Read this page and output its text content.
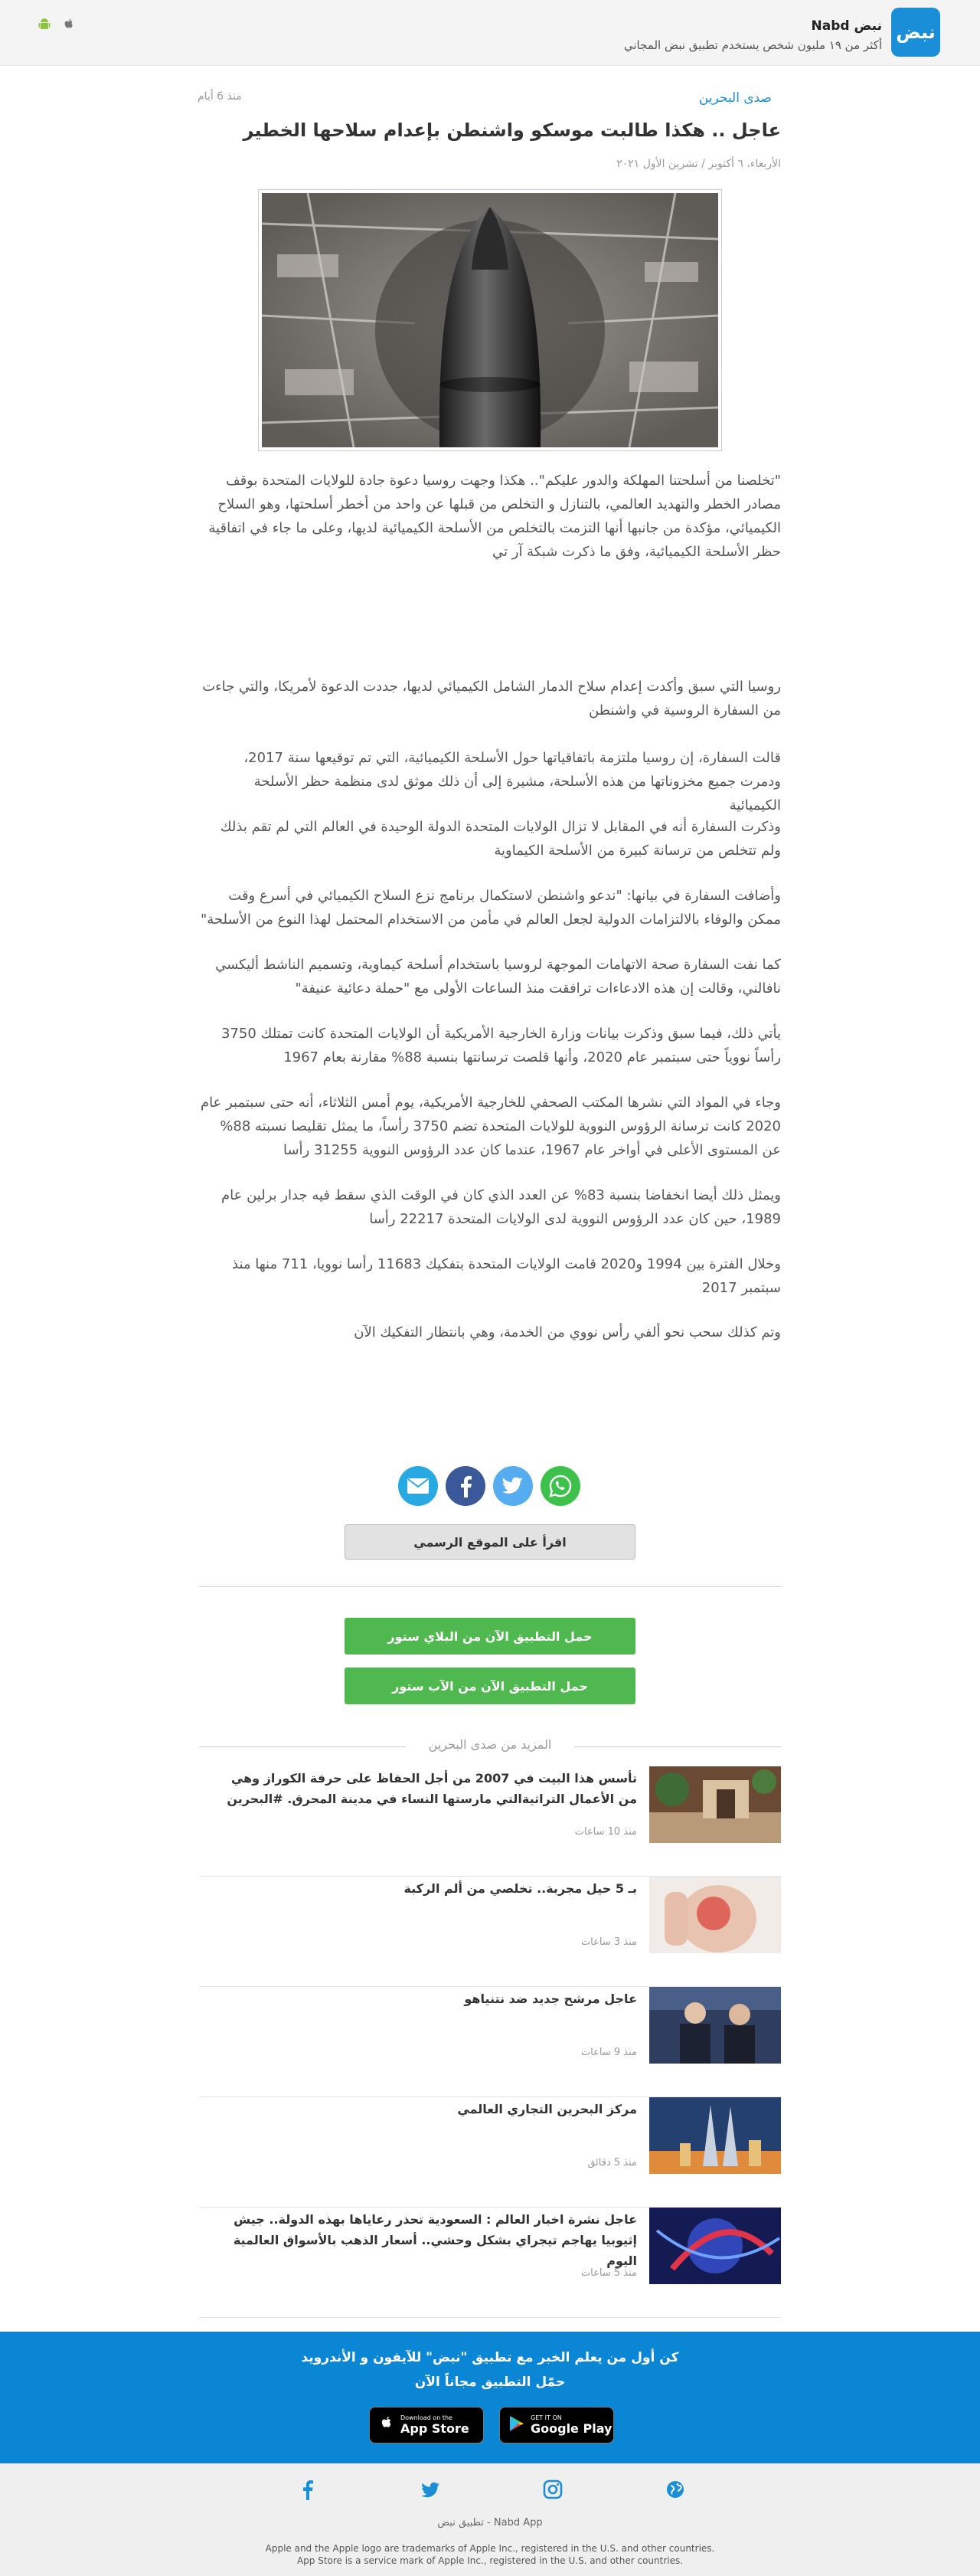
نبض
نبض Nabd
أكثر من ١٩ مليون شخص يستخدم تطبيق نبض المجاني
صدى البحرين
منذ 6 أيام
عاجل .. هكذا طالبت موسكو واشنطن بإعدام سلاحها الخطير
الأربعاء، ٦ أكتوبر / تشرين الأول ٢٠٢١

"تخلصنا من أسلحتنا المهلكة والدور عليكم".. هكذا وجهت روسيا دعوة جادة للولايات المتحدة بوقف مصادر الخطر والتهديد العالمي، بالتنازل و التخلص من قبلها عن واحد من أخطر أسلحتها، وهو السلاح الكيميائي، مؤكدة من جانبها أنها التزمت بالتخلص من الأسلحة الكيميائية لديها، وعلى ما جاء في اتفاقية حظر الأسلحة الكيميائية، وفق ما ذكرت شبكة آر تي

روسيا التي سبق وأكدت إعدام سلاح الدمار الشامل الكيميائي لديها، جددت الدعوة لأمريكا، والتي جاءت من السفارة الروسية في واشنطن

قالت السفارة، إن روسيا ملتزمة باتفاقياتها حول الأسلحة الكيميائية، التي تم توقيعها سنة 2017، ودمرت جميع مخزوناتها من هذه الأسلحة، مشيرة إلى أن ذلك موثق لدى منظمة حظر الأسلحة الكيميائية

وذكرت السفارة أنه في المقابل لا تزال الولايات المتحدة الدولة الوحيدة في العالم التي لم تقم بذلك ولم تتخلص من ترسانة كبيرة من الأسلحة الكيماوية

وأضافت السفارة في بيانها: "ندعو واشنطن لاستكمال برنامج نزع السلاح الكيميائي في أسرع وقت ممكن والوفاء بالالتزامات الدولية لجعل العالم في مأمن من الاستخدام المحتمل لهذا النوع من الأسلحة"

كما نفت السفارة صحة الاتهامات الموجهة لروسيا باستخدام أسلحة كيماوية، وتسميم الناشط أليكسي نافالني، وقالت إن هذه الادعاءات ترافقت منذ الساعات الأولى مع "حملة دعائية عنيفة"

يأتي ذلك، فيما سبق وذكرت بيانات وزارة الخارجية الأمريكية أن الولايات المتحدة كانت تمتلك 3750 رأساً نووياً حتى سبتمبر عام 2020، وأنها قلصت ترسانتها بنسبة 88% مقارنة بعام 1967

وجاء في المواد التي نشرها المكتب الصحفي للخارجية الأمريكية، يوم أمس الثلاثاء، أنه حتى سبتمبر عام 2020 كانت ترسانة الرؤوس النووية للولايات المتحدة تضم 3750 رأساً، ما يمثل تقليصا نسبته 88% عن المستوى الأعلى في أواخر عام 1967، عندما كان عدد الرؤوس النووية 31255 رأسا

ويمثل ذلك أيضا انخفاضا بنسبة 83% عن العدد الذي كان في الوقت الذي سقط فيه جدار برلين عام 1989، حين كان عدد الرؤوس النووية لدى الولايات المتحدة 22217 رأسا

وخلال الفترة بين 1994 و2020 قامت الولايات المتحدة بتفكيك 11683 رأسا نوويا، 711 منها منذ سبتمبر 2017

وتم كذلك سحب نحو ألفي رأس نووي من الخدمة، وهي بانتظار التفكيك الآن

اقرأ على الموقع الرسمي
حمل التطبيق الآن من البلاي ستور
حمل التطبيق الآن من الآب ستور
المزيد من صدى البحرين
تأسس هذا البيت في 2007 من أجل الحفاظ على حرفة الكوراز وهي من الأعمال التراثيةالتي مارستها النساء في مدينة المحرق. #البحرين
منذ 10 ساعات
بـ 5 حيل مجربة.. تخلصي من ألم الركبة
منذ 3 ساعات
عاجل مرشح جديد ضد نتنياهو
منذ 9 ساعات
مركز البحرين التجاري العالمي
منذ 5 دقائق
عاجل نشرة اخبار العالم : السعودية تحذر رعاياها بهذه الدولة.. جيش إثيوبيا يهاجم تيجراي بشكل وحشي.. أسعار الذهب بالأسواق العالمية اليوم
منذ 5 ساعات
كن أول من يعلم الخبر مع تطبيق "نبض" للآيفون و الأندرويد
حمّل التطبيق مجاناً الآن
Download on the
App Store
GET IT ON
Google Play
Nabd App - تطبيق نبض
Apple and the Apple logo are trademarks of Apple Inc., registered in the U.S. and other countries.
App Store is a service mark of Apple Inc., registered in the U.S. and other countries.
